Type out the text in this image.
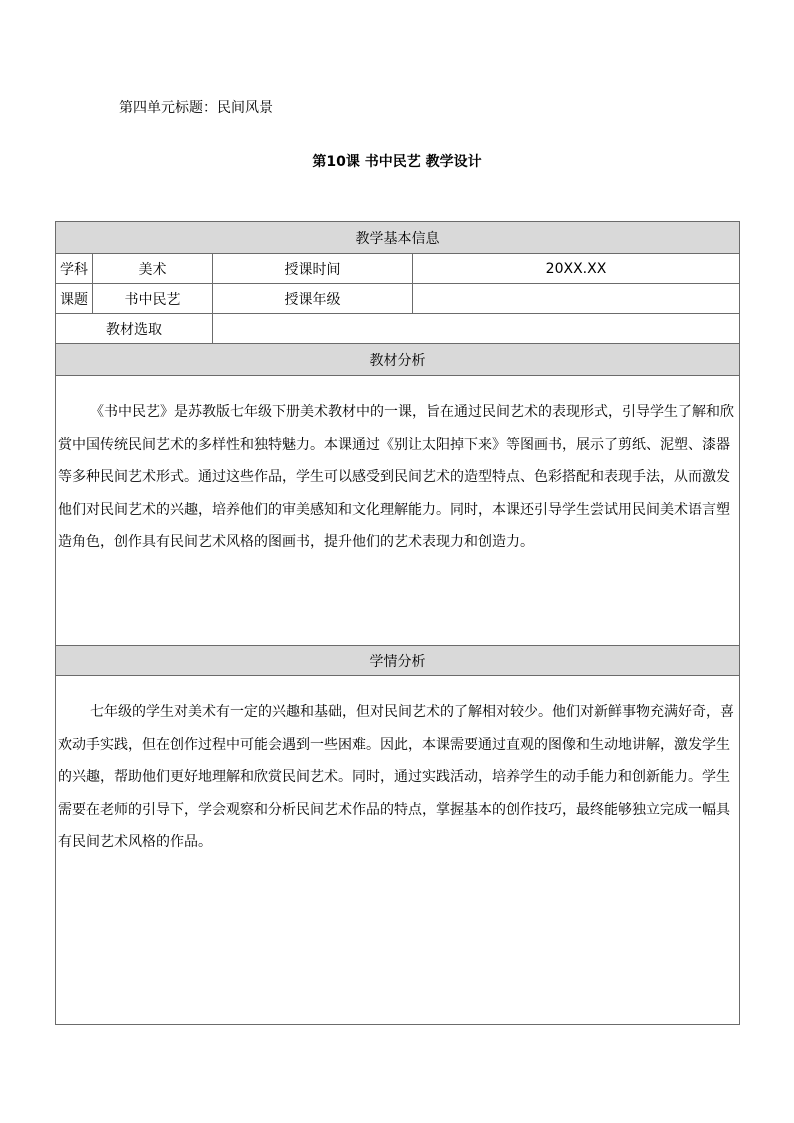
第四单元标题：民间风景
第10课 书中民艺 教学设计
教学基本信息			
学科	美术	授课时间	20XX.XX
课题	书中民艺	授课年级	
教材选取			
教材分析			
《书中民艺》是苏教版七年级下册美术教材中的一课，旨在通过民间艺术的表现形式，引导学生了解和欣赏中国传统民间艺术的多样性和独特魅力。本课通过《别让太阳掉下来》等图画书，展示了剪纸、泥塑、漆器等多种民间艺术形式。通过这些作品，学生可以感受到民间艺术的造型特点、色彩搭配和表现手法，从而激发他们对民间艺术的兴趣，培养他们的审美感知和文化理解能力。同时，本课还引导学生尝试用民间美术语言塑造角色，创作具有民间艺术风格的图画书，提升他们的艺术表现力和创造力。			
学情分析			
七年级的学生对美术有一定的兴趣和基础，但对民间艺术的了解相对较少。他们对新鲜事物充满好奇，喜欢动手实践，但在创作过程中可能会遇到一些困难。因此，本课需要通过直观的图像和生动地讲解，激发学生的兴趣，帮助他们更好地理解和欣赏民间艺术。同时，通过实践活动，培养学生的动手能力和创新能力。学生需要在老师的引导下，学会观察和分析民间艺术作品的特点，掌握基本的创作技巧，最终能够独立完成一幅具有民间艺术风格的作品。			
